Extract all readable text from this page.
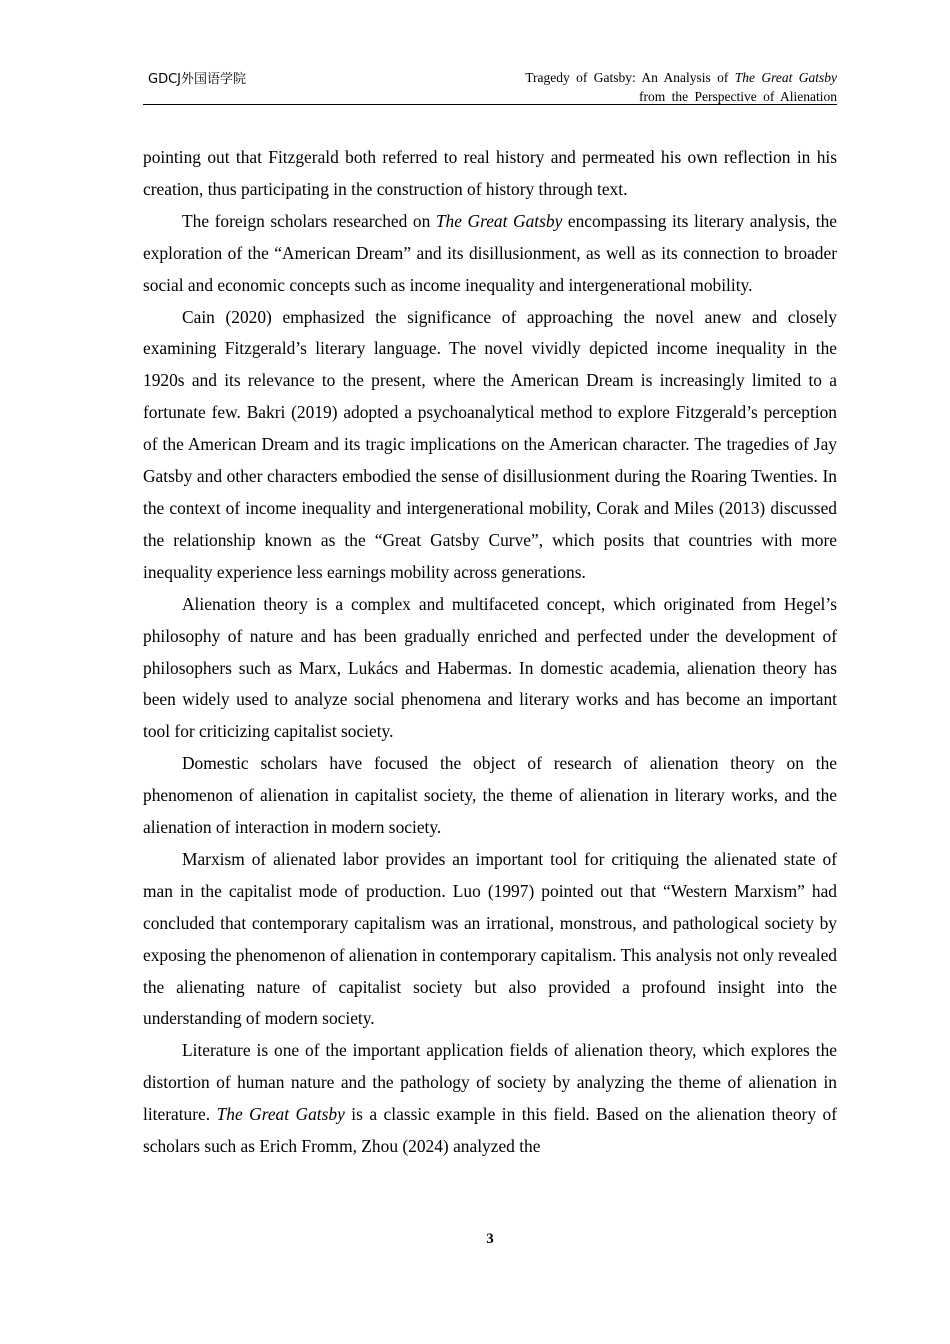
GDCJ外国语学院	Tragedy of Gatsby: An Analysis of The Great Gatsby
from the Perspective of Alienation

pointing out that Fitzgerald both referred to real history and permeated his own reflection in his creation, thus participating in the construction of history through text.

The foreign scholars researched on The Great Gatsby encompassing its literary analysis, the exploration of the “American Dream” and its disillusionment, as well as its connection to broader social and economic concepts such as income inequality and intergenerational mobility.

Cain (2020) emphasized the significance of approaching the novel anew and closely examining Fitzgerald’s literary language. The novel vividly depicted income inequality in the 1920s and its relevance to the present, where the American Dream is increasingly limited to a fortunate few. Bakri (2019) adopted a psychoanalytical method to explore Fitzgerald’s perception of the American Dream and its tragic implications on the American character. The tragedies of Jay Gatsby and other characters embodied the sense of disillusionment during the Roaring Twenties. In the context of income inequality and intergenerational mobility, Corak and Miles (2013) discussed the relationship known as the “Great Gatsby Curve”, which posits that countries with more inequality experience less earnings mobility across generations.

Alienation theory is a complex and multifaceted concept, which originated from Hegel’s philosophy of nature and has been gradually enriched and perfected under the development of philosophers such as Marx, Lukács and Habermas. In domestic academia, alienation theory has been widely used to analyze social phenomena and literary works and has become an important tool for criticizing capitalist society.

Domestic scholars have focused the object of research of alienation theory on the phenomenon of alienation in capitalist society, the theme of alienation in literary works, and the alienation of interaction in modern society.

Marxism of alienated labor provides an important tool for critiquing the alienated state of man in the capitalist mode of production. Luo (1997) pointed out that “Western Marxism” had concluded that contemporary capitalism was an irrational, monstrous, and pathological society by exposing the phenomenon of alienation in contemporary capitalism. This analysis not only revealed the alienating nature of capitalist society but also provided a profound insight into the understanding of modern society.

Literature is one of the important application fields of alienation theory, which explores the distortion of human nature and the pathology of society by analyzing the theme of alienation in literature. The Great Gatsby is a classic example in this field. Based on the alienation theory of scholars such as Erich Fromm, Zhou (2024) analyzed the

3
